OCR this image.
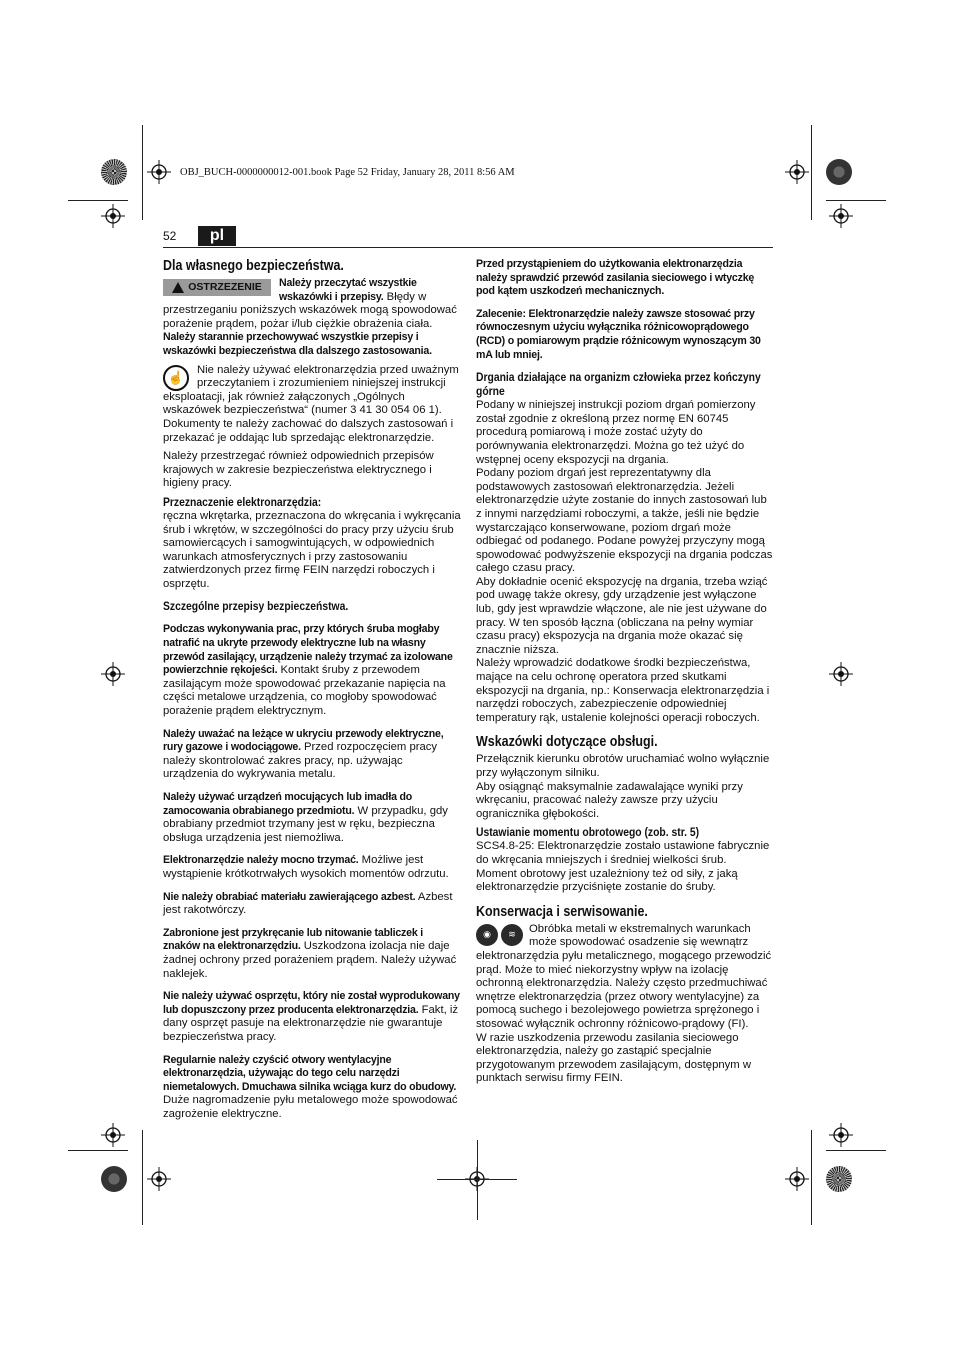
OBJ_BUCH-0000000012-001.book Page 52 Friday, January 28, 2011 8:56 AM
52	pl
Dla własnego bezpieczeństwa.
OSTRZEZENIE	Należy przeczytać wszystkie wskazówki i przepisy. Błędy w przestrzeganiu poniższych wskazówek mogą spowodować porażenie prądem, pożar i/lub ciężkie obrażenia ciała.

Należy starannie przechowywać wszystkie przepisy i wskazówki bezpieczeństwa dla dalszego zastosowania.

☝

Nie należy używać elektronarzędzia przed uważnym przeczytaniem i zrozumieniem niniejszej instrukcji eksploatacji, jak również załączonych „Ogólnych wskazówek bezpieczeństwa“ (numer 3 41 30 054 06 1). Dokumenty te należy zachować do dalszych zastosowań i przekazać je oddając lub sprzedając elektronarzędzie.

Należy przestrzegać również odpowiednich przepisów krajowych w zakresie bezpieczeństwa elektrycznego i higieny pracy.

Przeznaczenie elektronarzędzia:

ręczna wkrętarka, przeznaczona do wkręcania i wykręcania śrub i wkrętów, w szczególności do pracy przy użyciu śrub samowiercących i samogwintujących, w odpowiednich warunkach atmosferycznych i przy zastosowaniu zatwierdzonych przez firmę FEIN narzędzi roboczych i osprzętu.

Szczególne przepisy bezpieczeństwa.

Podczas wykonywania prac, przy których śruba mogłaby natrafić na ukryte przewody elektryczne lub na własny przewód zasilający, urządzenie należy trzymać za izolowane powierzchnie rękojeści. Kontakt śruby z przewodem zasilającym może spowodować przekazanie napięcia na części metalowe urządzenia, co mogłoby spowodować porażenie prądem elektrycznym.

Należy uważać na leżące w ukryciu przewody elektryczne, rury gazowe i wodociągowe. Przed rozpoczęciem pracy należy skontrolować zakres pracy, np. używając urządzenia do wykrywania metalu.

Należy używać urządzeń mocujących lub imadła do zamocowania obrabianego przedmiotu. W przypadku, gdy obrabiany przedmiot trzymany jest w ręku, bezpieczna obsługa urządzenia jest niemożliwa.

Elektronarzędzie należy mocno trzymać. Możliwe jest wystąpienie krótkotrwałych wysokich momentów odrzutu.

Nie należy obrabiać materiału zawierającego azbest. Azbest jest rakotwórczy.

Zabronione jest przykręcanie lub nitowanie tabliczek i znaków na elektronarzędziu. Uszkodzona izolacja nie daje żadnej ochrony przed porażeniem prądem. Należy używać naklejek.

Nie należy używać osprzętu, który nie został wyprodukowany lub dopuszczony przez producenta elektronarzędzia. Fakt, iż dany osprzęt pasuje na elektronarzędzie nie gwarantuje bezpieczeństwa pracy.

Regularnie należy czyścić otwory wentylacyjne elektronarzędzia, używając do tego celu narzędzi niemetalowych. Dmuchawa silnika wciąga kurz do obudowy. Duże nagromadzenie pyłu metalowego może spowodować zagrożenie elektryczne.

Przed przystąpieniem do użytkowania elektronarzędzia należy sprawdzić przewód zasilania sieciowego i wtyczkę pod kątem uszkodzeń mechanicznych.

Zalecenie: Elektronarzędzie należy zawsze stosować przy równoczesnym użyciu wyłącznika różnicowoprądowego (RCD) o pomiarowym prądzie różnicowym wynoszącym 30 mA lub mniej.

Drgania działające na organizm człowieka przez kończyny górne

Podany w niniejszej instrukcji poziom drgań pomierzony został zgodnie z określoną przez normę EN 60745 procedurą pomiarową i może zostać użyty do porównywania elektronarzędzi. Można go też użyć do wstępnej oceny ekspozycji na drgania.

Podany poziom drgań jest reprezentatywny dla podstawowych zastosowań elektronarzędzia. Jeżeli elektronarzędzie użyte zostanie do innych zastosowań lub z innymi narzędziami roboczymi, a także, jeśli nie będzie wystarczająco konserwowane, poziom drgań może odbiegać od podanego. Podane powyżej przyczyny mogą spowodować podwyższenie ekspozycji na drgania podczas całego czasu pracy.

Aby dokładnie ocenić ekspozycję na drgania, trzeba wziąć pod uwagę także okresy, gdy urządzenie jest wyłączone lub, gdy jest wprawdzie włączone, ale nie jest używane do pracy. W ten sposób łączna (obliczana na pełny wymiar czasu pracy) ekspozycja na drgania może okazać się znacznie niższa.

Należy wprowadzić dodatkowe środki bezpieczeństwa, mające na celu ochronę operatora przed skutkami ekspozycji na drgania, np.: Konserwacja elektronarzędzia i narzędzi roboczych, zabezpieczenie odpowiedniej temperatury rąk, ustalenie kolejności operacji roboczych.

Wskazówki dotyczące obsługi.

Przełącznik kierunku obrotów uruchamiać wolno wyłącznie przy wyłączonym silniku.

Aby osiągnąć maksymalnie zadawalające wyniki przy wkręcaniu, pracować należy zawsze przy użyciu ogranicznika głębokości.

Ustawianie momentu obrotowego (zob. str. 5)

SCS4.8-25: Elektronarzędzie zostało ustawione fabrycznie do wkręcania mniejszych i średniej wielkości śrub.

Moment obrotowy jest uzależniony też od siły, z jaką elektronarzędzie przyciśnięte zostanie do śruby.

Konserwacja i serwisowanie.
◉	≋	Obróbka metali w ekstremalnych warunkach może spowodować osadzenie się wewnątrz elektronarzędzia pyłu metalicznego, mogącego przewodzić prąd. Może to mieć niekorzystny wpływ na izolację ochronną elektronarzędzia. Należy często przedmuchiwać wnętrze elektronarzędzia (przez otwory wentylacyjne) za pomocą suchego i bezolejowego powietrza sprężonego i stosować wyłącznik ochronny różnicowo-prądowy (FI).

W razie uszkodzenia przewodu zasilania sieciowego elektronarzędzia, należy go zastąpić specjalnie przygotowanym przewodem zasilającym, dostępnym w punktach serwisu firmy FEIN.
